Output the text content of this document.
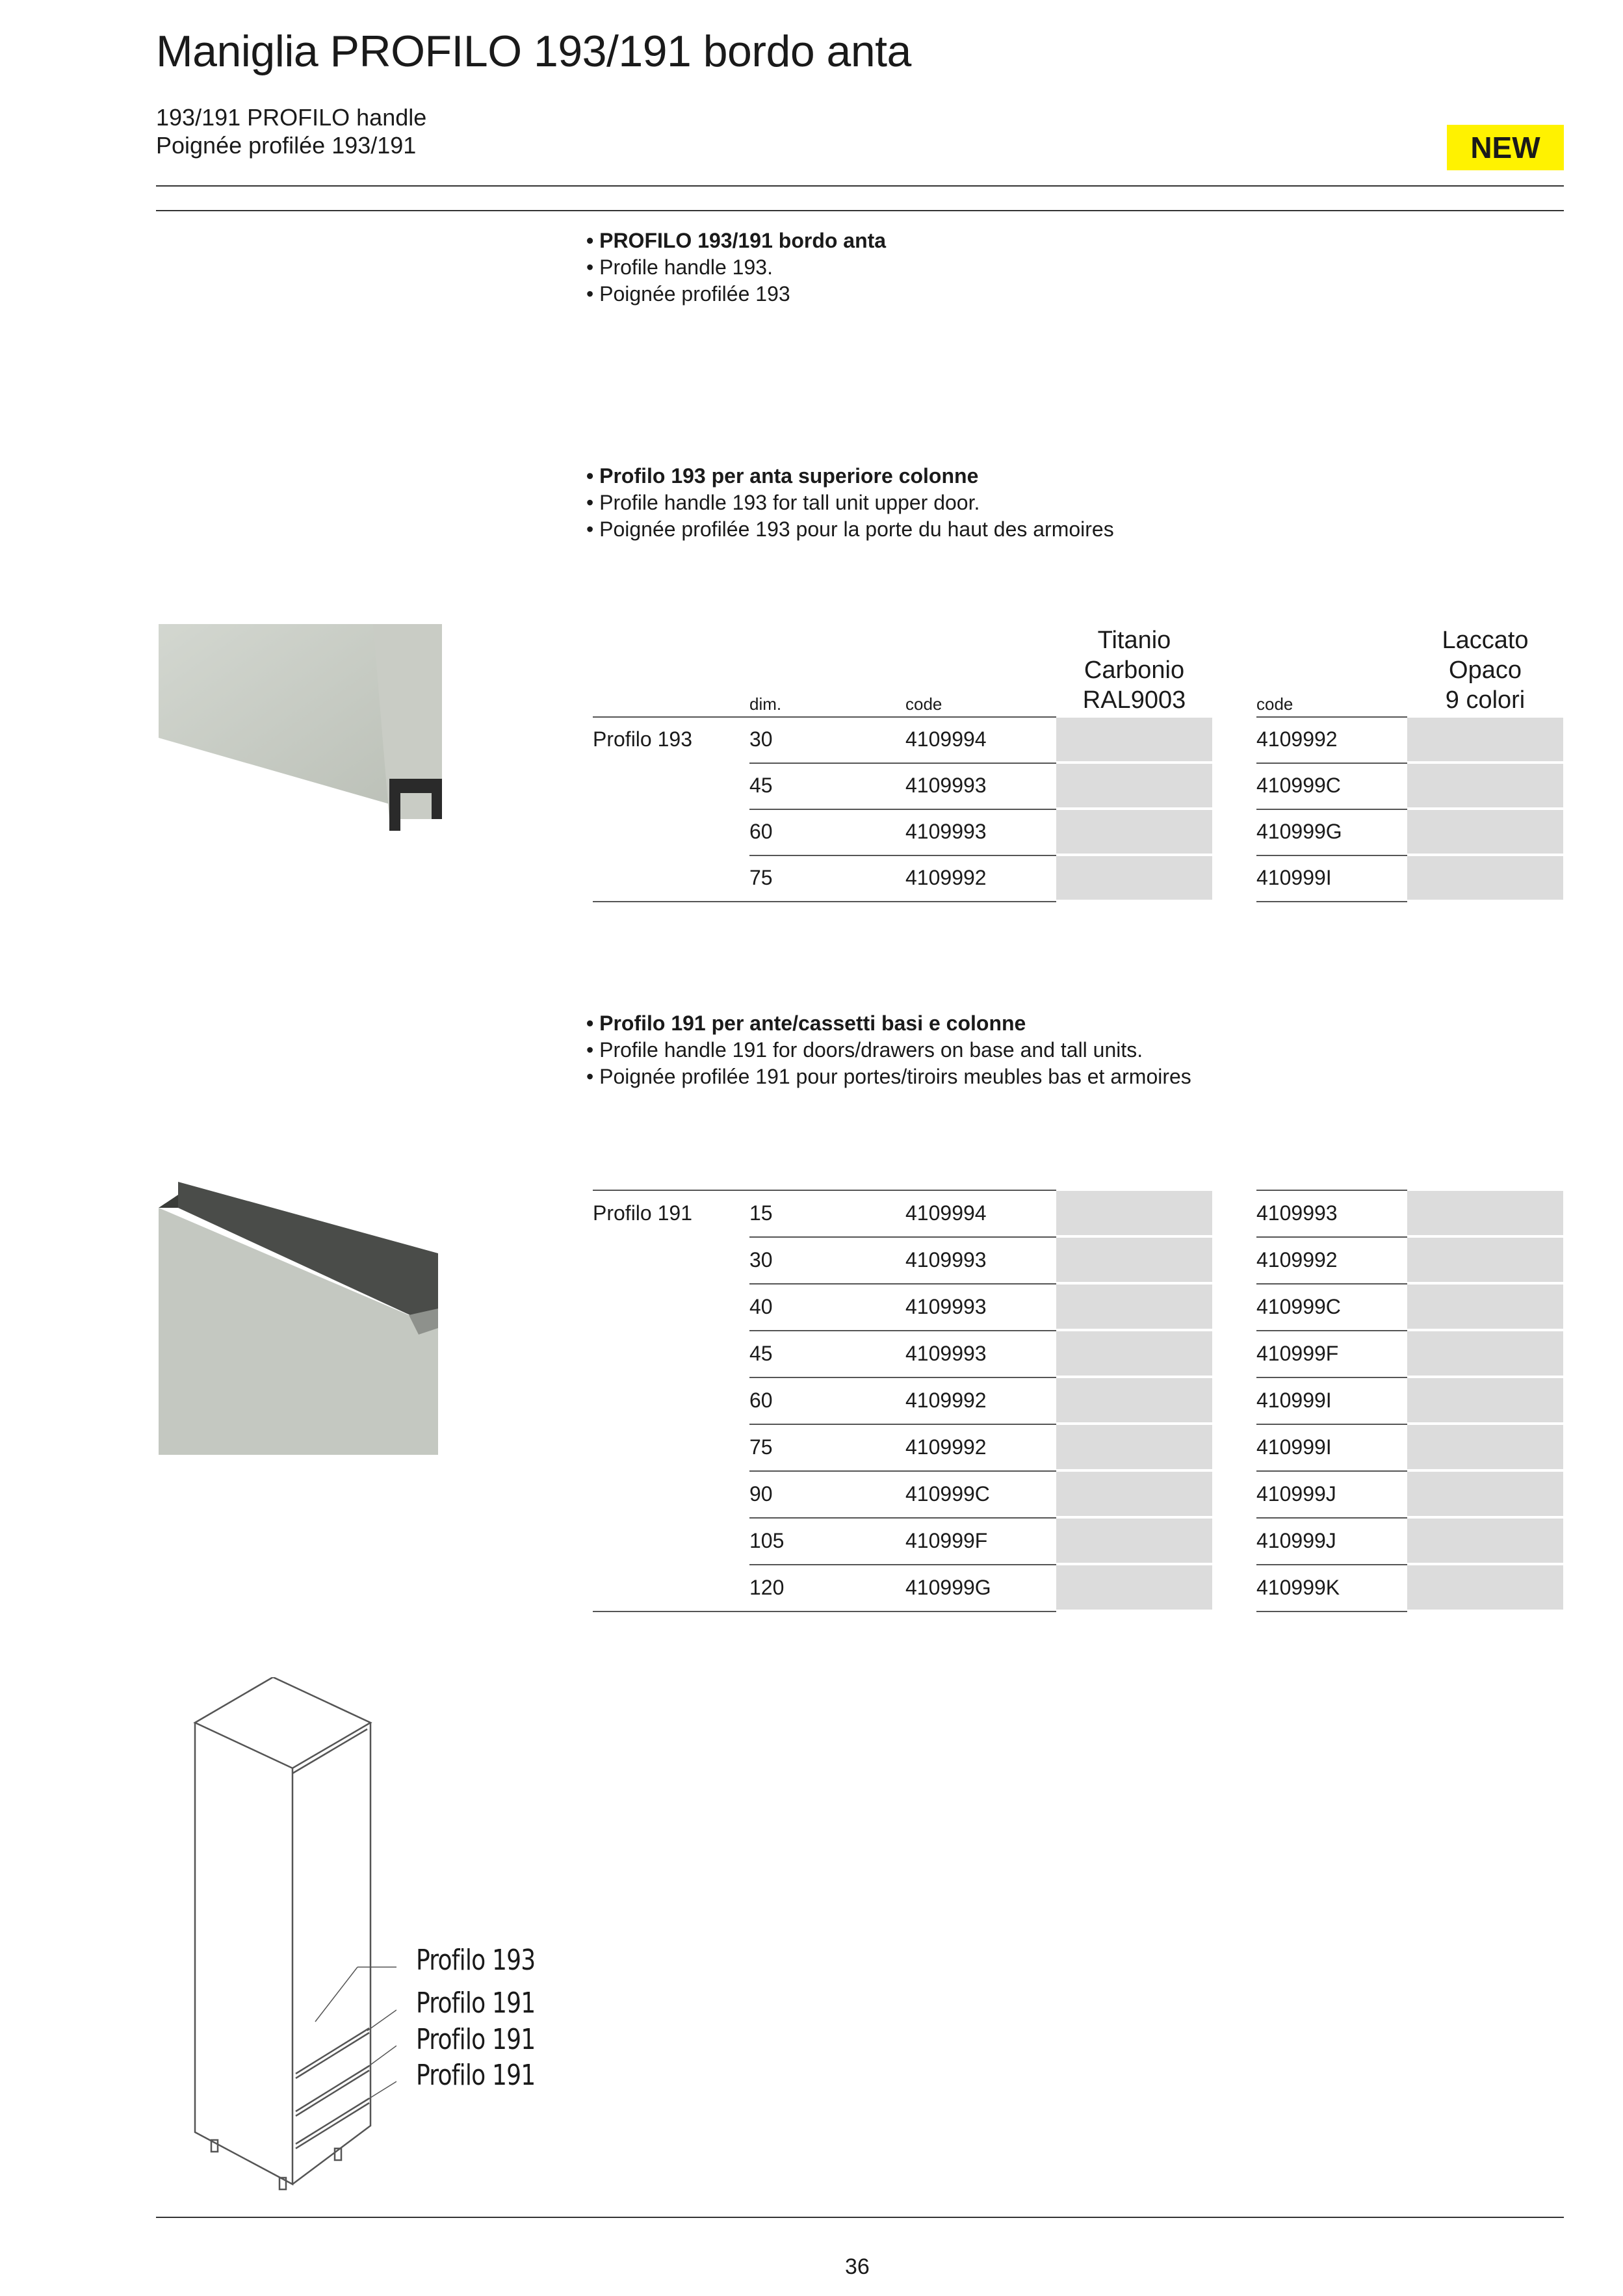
Maniglia PROFILO 193/191 bordo anta
193/191 PROFILO handle
Poignée profilée 193/191	NEW
• PROFILO 193/191 bordo anta
• Profile handle 193.
• Poignée profilée 193
• Profilo 193 per anta superiore colonne
• Profile handle 193 for tall unit upper door.
• Poignée profilée 193 pour la porte du haut des armoires
Titanio
Carbonio
RAL9003
Laccato
Opaco
9 colori
dim.	code	code
Profilo 193	30	4109994	4109992
45	4109993	410999C
60	4109993	410999G
75	4109992	410999I
• Profilo 191 per ante/cassetti basi e colonne
• Profile handle 191 for doors/drawers on base and tall units.
• Poignée profilée 191 pour portes/tiroirs meubles bas et armoires
Profilo 191	15	4109994	4109993
30	4109993	4109992
40	4109993	410999C
45	4109993	410999F
60	4109992	410999I
75	4109992	410999I
90	410999C	410999J
105	410999F	410999J
120	410999G	410999K
Profilo 193
Profilo 191
Profilo 191
Profilo 191
36
